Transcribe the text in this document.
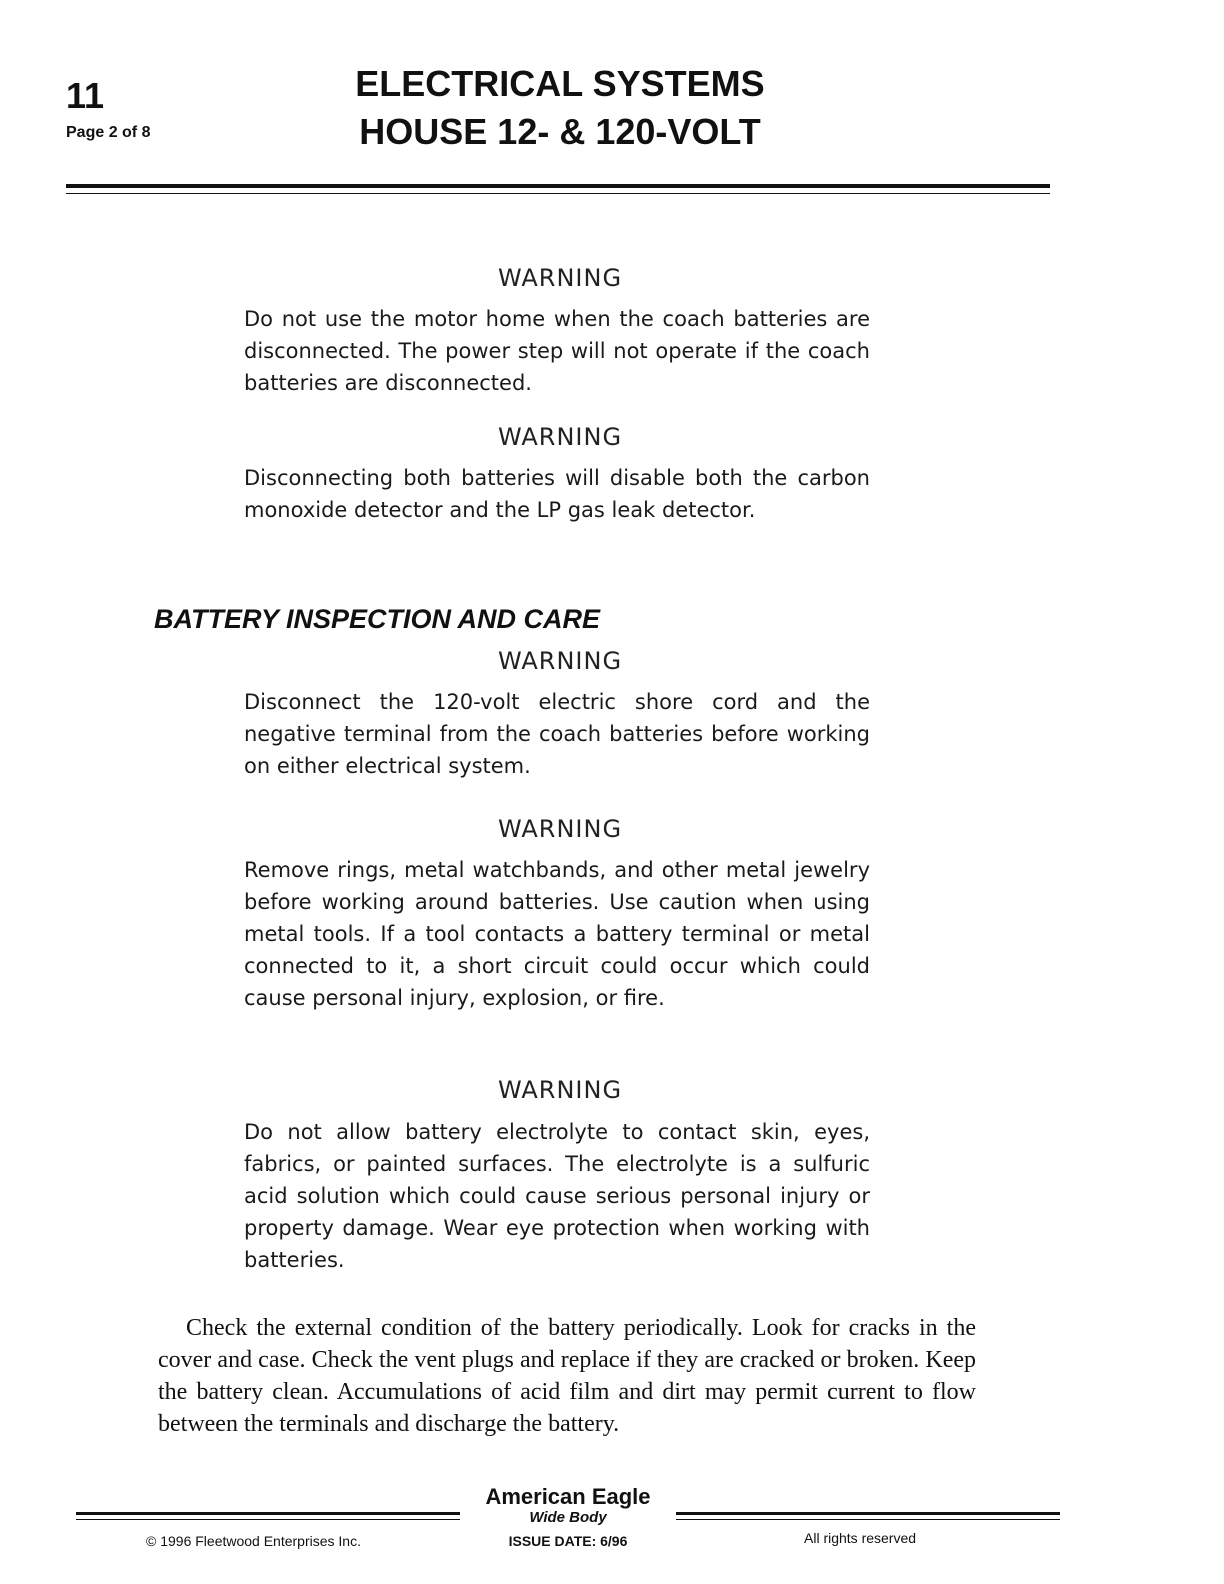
11
Page 2 of 8
ELECTRICAL SYSTEMS
HOUSE 12- & 120-VOLT
WARNING
Do not use the motor home when the coach batteries are disconnected. The power step will not operate if the coach batteries are disconnected.
WARNING
Disconnecting both batteries will disable both the carbon monoxide detector and the LP gas leak detector.
BATTERY INSPECTION AND CARE
WARNING
Disconnect the 120-volt electric shore cord and the negative terminal from the coach batteries before working on either electrical system.
WARNING
Remove rings, metal watchbands, and other metal jewelry before working around batteries. Use caution when using metal tools. If a tool contacts a battery terminal or metal connected to it, a short circuit could occur which could cause personal injury, explosion, or fire.
WARNING
Do not allow battery electrolyte to contact skin, eyes, fabrics, or painted surfaces. The electrolyte is a sulfuric acid solution which could cause serious personal injury or property damage. Wear eye protection when working with batteries.
Check the external condition of the battery periodically. Look for cracks in the cover and case. Check the vent plugs and replace if they are cracked or broken. Keep the battery clean. Accumulations of acid film and dirt may permit current to flow between the terminals and discharge the battery.
American Eagle
Wide Body
ISSUE DATE: 6/96
© 1996 Fleetwood Enterprises Inc.	All rights reserved
